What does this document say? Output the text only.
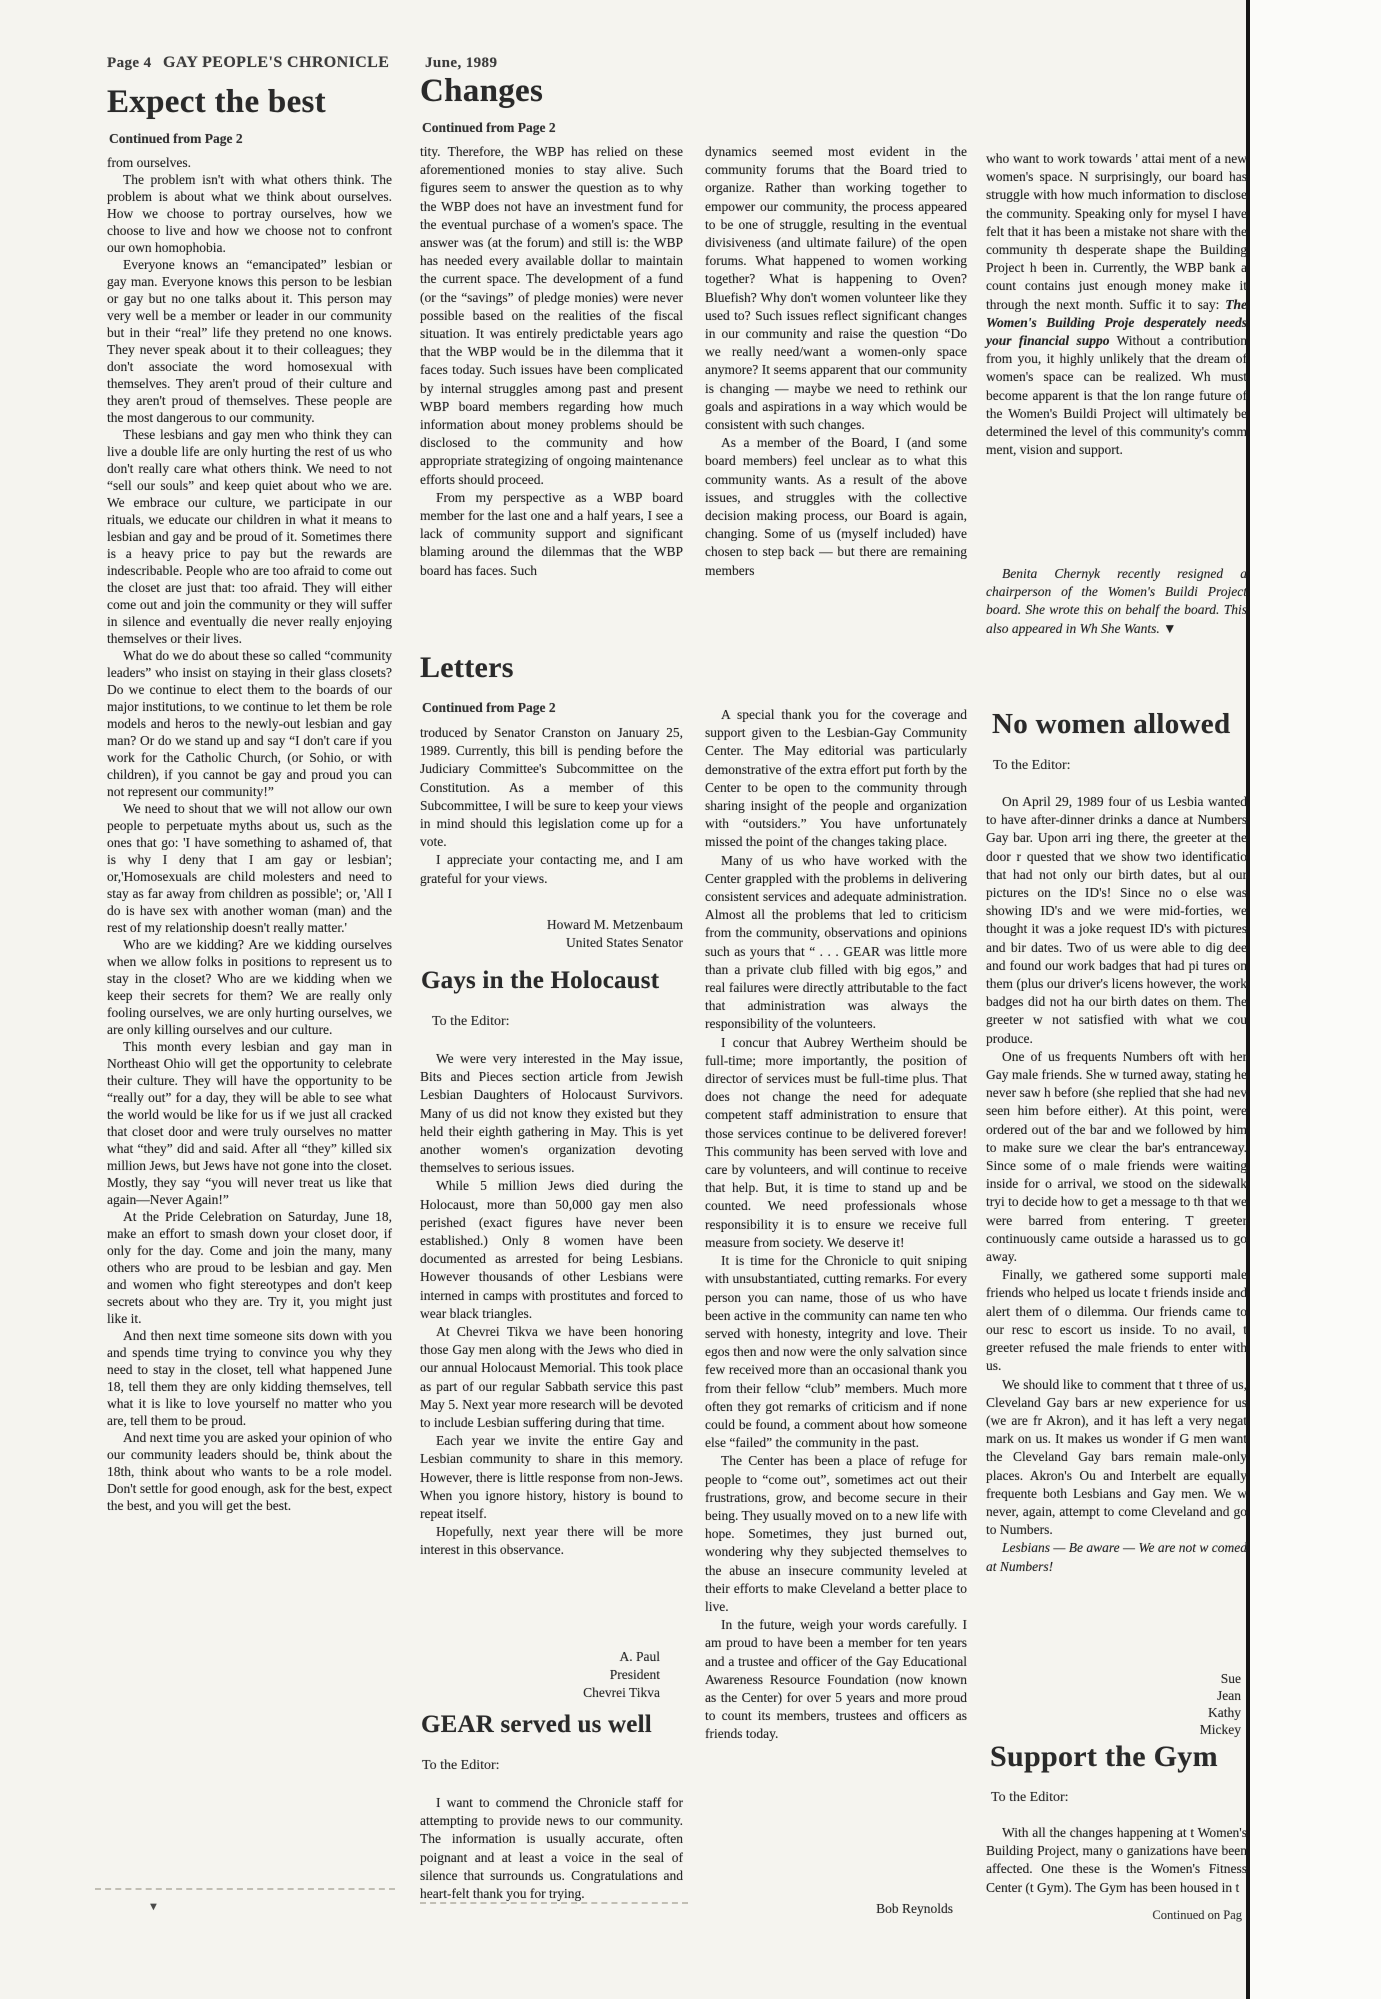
Page 4 GAY PEOPLE'S CHRONICLE June, 1989
Expect the best
Continued from Page 2

from ourselves.

The problem isn't with what others think. The problem is about what we think about ourselves. How we choose to portray ourselves, how we choose to live and how we choose not to confront our own homophobia.

Everyone knows an “emancipated” lesbian or gay man. Everyone knows this person to be lesbian or gay but no one talks about it. This person may very well be a member or leader in our community but in their “real” life they pretend no one knows. They never speak about it to their colleagues; they don't associate the word homosexual with themselves. They aren't proud of their culture and they aren't proud of themselves. These people are the most dangerous to our community.

These lesbians and gay men who think they can live a double life are only hurting the rest of us who don't really care what others think. We need to not “sell our souls” and keep quiet about who we are. We embrace our culture, we participate in our rituals, we educate our children in what it means to lesbian and gay and be proud of it. Sometimes there is a heavy price to pay but the rewards are indescribable. People who are too afraid to come out the closet are just that: too afraid. They will either come out and join the community or they will suffer in silence and eventually die never really enjoying themselves or their lives.

What do we do about these so called “community leaders” who insist on staying in their glass closets? Do we continue to elect them to the boards of our major institutions, to we continue to let them be role models and heros to the newly-out lesbian and gay man? Or do we stand up and say “I don't care if you work for the Catholic Church, (or Sohio, or with children), if you cannot be gay and proud you can not represent our community!”

We need to shout that we will not allow our own people to perpetuate myths about us, such as the ones that go: 'I have something to ashamed of, that is why I deny that I am gay or lesbian'; or,'Homosexuals are child molesters and need to stay as far away from children as possible'; or, 'All I do is have sex with another woman (man) and the rest of my relationship doesn't really matter.'

Who are we kidding? Are we kidding ourselves when we allow folks in positions to represent us to stay in the closet? Who are we kidding when we keep their secrets for them? We are really only fooling ourselves, we are only hurting ourselves, we are only killing ourselves and our culture.

This month every lesbian and gay man in Northeast Ohio will get the opportunity to celebrate their culture. They will have the opportunity to be “really out” for a day, they will be able to see what the world would be like for us if we just all cracked that closet door and were truly ourselves no matter what “they” did and said. After all “they” killed six million Jews, but Jews have not gone into the closet. Mostly, they say “you will never treat us like that again—Never Again!”

At the Pride Celebration on Saturday, June 18, make an effort to smash down your closet door, if only for the day. Come and join the many, many others who are proud to be lesbian and gay. Men and women who fight stereotypes and don't keep secrets about who they are. Try it, you might just like it.

And then next time someone sits down with you and spends time trying to convince you why they need to stay in the closet, tell what happened June 18, tell them they are only kidding themselves, tell what it is like to love yourself no matter who you are, tell them to be proud.

And next time you are asked your opinion of who our community leaders should be, think about the 18th, think about who wants to be a role model. Don't settle for good enough, ask for the best, expect the best, and you will get the best.

▼
Changes
Continued from Page 2

tity. Therefore, the WBP has relied on these aforementioned monies to stay alive. Such figures seem to answer the question as to why the WBP does not have an investment fund for the eventual purchase of a women's space. The answer was (at the forum) and still is: the WBP has needed every available dollar to maintain the current space. The development of a fund (or the “savings” of pledge monies) were never possible based on the realities of the fiscal situation. It was entirely predictable years ago that the WBP would be in the dilemma that it faces today. Such issues have been complicated by internal struggles among past and present WBP board members regarding how much information about money problems should be disclosed to the community and how appropriate strategizing of ongoing maintenance efforts should proceed.

From my perspective as a WBP board member for the last one and a half years, I see a lack of community support and significant blaming around the dilemmas that the WBP board has faces. Such

Letters
Continued from Page 2

troduced by Senator Cranston on January 25, 1989. Currently, this bill is pending before the Judiciary Committee's Subcommittee on the Constitution. As a member of this Subcommittee, I will be sure to keep your views in mind should this legislation come up for a vote.

I appreciate your contacting me, and I am grateful for your views.

Howard M. Metzenbaum
United States Senator
Gays in the Holocaust
To the Editor:

We were very interested in the May issue, Bits and Pieces section article from Jewish Lesbian Daughters of Holocaust Survivors. Many of us did not know they existed but they held their eighth gathering in May. This is yet another women's organization devoting themselves to serious issues.

While 5 million Jews died during the Holocaust, more than 50,000 gay men also perished (exact figures have never been established.) Only 8 women have been documented as arrested for being Lesbians. However thousands of other Lesbians were interned in camps with prostitutes and forced to wear black triangles.

At Chevrei Tikva we have been honoring those Gay men along with the Jews who died in our annual Holocaust Memorial. This took place as part of our regular Sabbath service this past May 5. Next year more research will be devoted to include Lesbian suffering during that time.

Each year we invite the entire Gay and Lesbian community to share in this memory. However, there is little response from non-Jews. When you ignore history, history is bound to repeat itself.

Hopefully, next year there will be more interest in this observance.

A. Paul
President
Chevrei Tikva
GEAR served us well
To the Editor:

I want to commend the Chronicle staff for attempting to provide news to our community. The information is usually accurate, often poignant and at least a voice in the seal of silence that surrounds us. Congratulations and heart-felt thank you for trying.

dynamics seemed most evident in the community forums that the Board tried to organize. Rather than working together to empower our community, the process appeared to be one of struggle, resulting in the eventual divisiveness (and ultimate failure) of the open forums. What happened to women working together? What is happening to Oven? Bluefish? Why don't women volunteer like they used to? Such issues reflect significant changes in our community and raise the question “Do we really need/want a women-only space anymore? It seems apparent that our community is changing — maybe we need to rethink our goals and aspirations in a way which would be consistent with such changes.

As a member of the Board, I (and some board members) feel unclear as to what this community wants. As a result of the above issues, and struggles with the collective decision making process, our Board is again, changing. Some of us (myself included) have chosen to step back — but there are remaining members

A special thank you for the coverage and support given to the Lesbian-Gay Community Center. The May editorial was particularly demonstrative of the extra effort put forth by the Center to be open to the community through sharing insight of the people and organization with “outsiders.” You have unfortunately missed the point of the changes taking place.

Many of us who have worked with the Center grappled with the problems in delivering consistent services and adequate administration. Almost all the problems that led to criticism from the community, observations and opinions such as yours that “ . . . GEAR was little more than a private club filled with big egos,” and real failures were directly attributable to the fact that administration was always the responsibility of the volunteers.

I concur that Aubrey Wertheim should be full-time; more importantly, the position of director of services must be full-time plus. That does not change the need for adequate competent staff administration to ensure that those services continue to be delivered forever! This community has been served with love and care by volunteers, and will continue to receive that help. But, it is time to stand up and be counted. We need professionals whose responsibility it is to ensure we receive full measure from society. We deserve it!

It is time for the Chronicle to quit sniping with unsubstantiated, cutting remarks. For every person you can name, those of us who have been active in the community can name ten who served with honesty, integrity and love. Their egos then and now were the only salvation since few received more than an occasional thank you from their fellow “club” members. Much more often they got remarks of criticism and if none could be found, a comment about how someone else “failed” the community in the past.

The Center has been a place of refuge for people to “come out”, sometimes act out their frustrations, grow, and become secure in their being. They usually moved on to a new life with hope. Sometimes, they just burned out, wondering why they subjected themselves to the abuse an insecure community leveled at their efforts to make Cleveland a better place to live.

In the future, weigh your words carefully. I am proud to have been a member for ten years and a trustee and officer of the Gay Educational Awareness Resource Foundation (now known as the Center) for over 5 years and more proud to count its members, trustees and officers as friends today.

Bob Reynolds

who want to work towards ' attai ment of a new women's space. N surprisingly, our board has struggle with how much information to disclose the community. Speaking only for mysel I have felt that it has been a mistake not share with the community th desperate shape the Building Project h been in. Currently, the WBP bank a count contains just enough money make it through the next month. Suffic it to say: The Women's Building Proje desperately needs your financial suppo Without a contribution from you, it highly unlikely that the dream of women's space can be realized. Wh must become apparent is that the lon range future of the Women's Buildi Project will ultimately be determined the level of this community's comm ment, vision and support.

Benita Chernyk recently resigned a chairperson of the Women's Buildi Project board. She wrote this on behalf the board. This also appeared in Wh She Wants. ▼

No women allowed
To the Editor:

On April 29, 1989 four of us Lesbia wanted to have after-dinner drinks a dance at Numbers Gay bar. Upon arri ing there, the greeter at the door r quested that we show two identificatio that had not only our birth dates, but al our pictures on the ID's! Since no o else was showing ID's and we were mid-forties, we thought it was a joke request ID's with pictures and bir dates. Two of us were able to dig dee and found our work badges that had pi tures on them (plus our driver's licens however, the work badges did not ha our birth dates on them. The greeter w not satisfied with what we cou produce.

One of us frequents Numbers oft with her Gay male friends. She w turned away, stating he never saw h before (she replied that she had nev seen him before either). At this point, were ordered out of the bar and we followed by him to make sure we clear the bar's entranceway. Since some of o male friends were waiting inside for o arrival, we stood on the sidewalk tryi to decide how to get a message to th that we were barred from entering. T greeter continuously came outside a harassed us to go away.

Finally, we gathered some supporti male friends who helped us locate t friends inside and alert them of o dilemma. Our friends came to our resc to escort us inside. To no avail, t greeter refused the male friends to enter with us.

We should like to comment that t three of us, Cleveland Gay bars ar new experience for us (we are fr Akron), and it has left a very negat mark on us. It makes us wonder if G men want the Cleveland Gay bars remain male-only places. Akron's Ou and Interbelt are equally frequente both Lesbians and Gay men. We w never, again, attempt to come Cleveland and go to Numbers.

Lesbians — Be aware — We are not w comed at Numbers!

Sue
Jean
Kathy
Mickey
Support the Gym
To the Editor:

With all the changes happening at t Women's Building Project, many o ganizations have been affected. One these is the Women's Fitness Center (t Gym). The Gym has been housed in t

Continued on Pag
